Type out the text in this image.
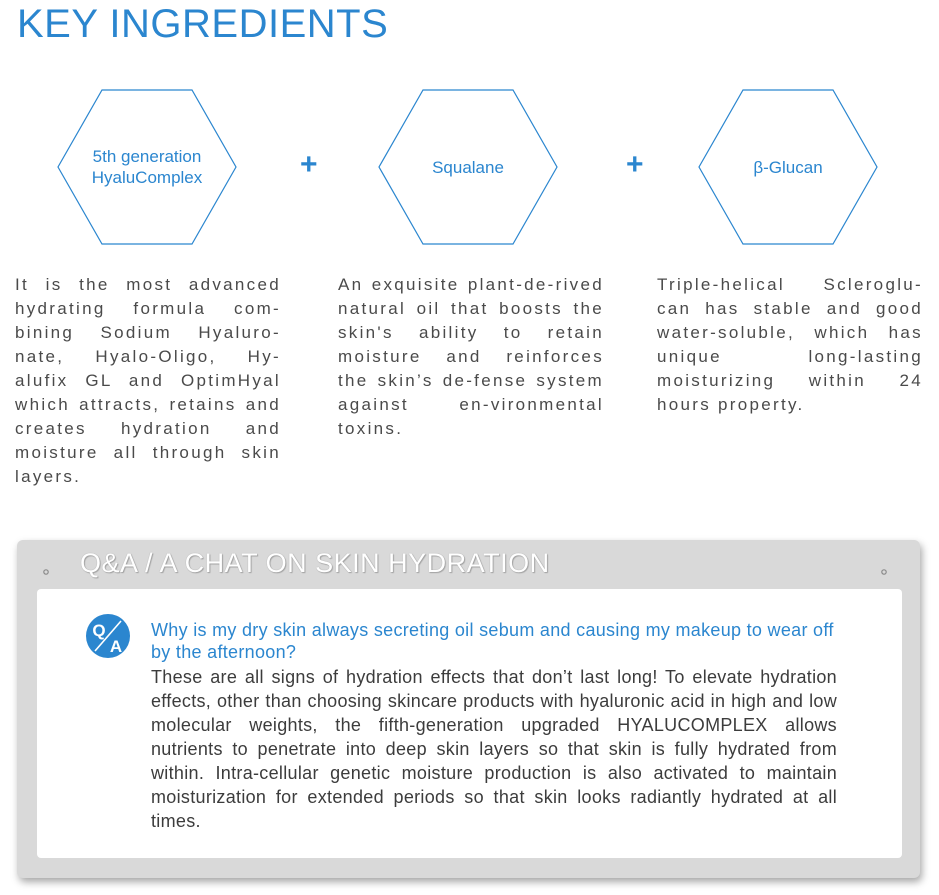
KEY INGREDIENTS
5th generation
HyaluComplex	+	Squalane	+	β-Glucan

It is the most advanced hydrating formula com-bining Sodium Hyaluro-nate, Hyalo-Oligo, Hy-alufix GL and OptimHyal which attracts, retains and creates hydration and moisture all through skin layers.

An exquisite plant-de-rived natural oil that boosts the skin's ability to retain moisture and reinforces the skin’s de-fense system against en-vironmental toxins.

Triple-helical Scleroglu-can has stable and good water-soluble, which has unique long-lasting moisturizing within 24 hours property.

Q&A / A CHAT ON SKIN HYDRATION
Q
A

Why is my dry skin always secreting oil sebum and causing my makeup to wear off by the afternoon?

These are all signs of hydration effects that don’t last long! To elevate hydration effects, other than choosing skincare products with hyaluronic acid in high and low molecular weights, the fifth-generation upgraded HYALUCOMPLEX allows nutrients to penetrate into deep skin layers so that skin is fully hydrated from within. Intra-cellular genetic moisture production is also activated to maintain moisturization for extended periods so that skin looks radiantly hydrated at all times.
